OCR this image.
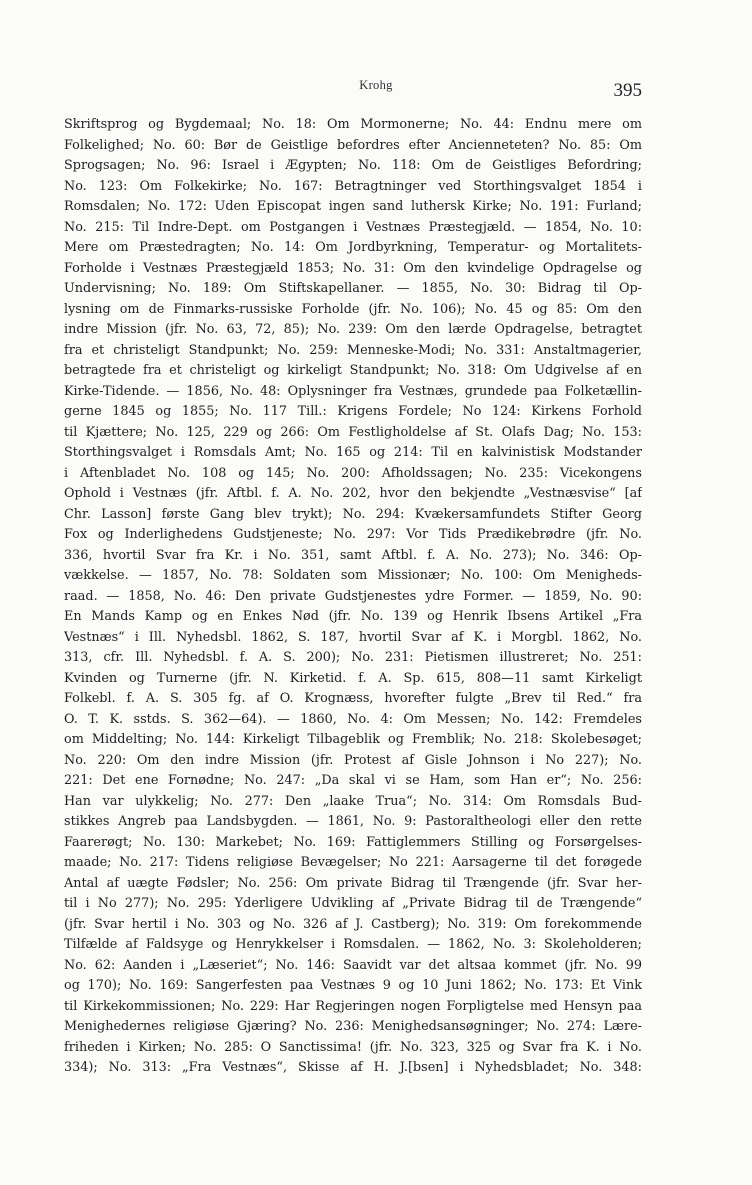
Krohg	395
Skriftsprog og Bygdemaal; No. 18: Om Mormonerne; No. 44: Endnu mere om
Folkelighed; No. 60: Bør de Geistlige befordres efter Ancienneteten? No. 85: Om
Sprogsagen; No. 96: Israel i Ægypten; No. 118: Om de Geistliges Befordring;
No. 123: Om Folkekirke; No. 167: Betragtninger ved Storthingsvalget 1854 i
Romsdalen; No. 172: Uden Episcopat ingen sand luthersk Kirke; No. 191: Furland;
No. 215: Til Indre-Dept. om Postgangen i Vestnæs Præstegjæld. — 1854, No. 10:
Mere om Præstedragten; No. 14: Om Jordbyrkning, Temperatur- og Mortalitets-
Forholde i Vestnæs Præstegjæld 1853; No. 31: Om den kvindelige Opdragelse og
Undervisning; No. 189: Om Stiftskapellaner. — 1855, No. 30: Bidrag til Op-
lysning om de Finmarks-russiske Forholde (jfr. No. 106); No. 45 og 85: Om den
indre Mission (jfr. No. 63, 72, 85); No. 239: Om den lærde Opdragelse, betragtet
fra et christeligt Standpunkt; No. 259: Menneske-Modi; No. 331: Anstaltmagerier,
betragtede fra et christeligt og kirkeligt Standpunkt; No. 318: Om Udgivelse af en
Kirke-Tidende. — 1856, No. 48: Oplysninger fra Vestnæs, grundede paa Folketællin-
gerne 1845 og 1855; No. 117 Till.: Krigens Fordele; No 124: Kirkens Forhold
til Kjættere; No. 125, 229 og 266: Om Festligholdelse af St. Olafs Dag; No. 153:
Storthingsvalget i Romsdals Amt; No. 165 og 214: Til en kalvinistisk Modstander
i Aftenbladet No. 108 og 145; No. 200: Afholdssagen; No. 235: Vicekongens
Ophold i Vestnæs (jfr. Aftbl. f. A. No. 202, hvor den bekjendte „Vestnæsvise“ [af
Chr. Lasson] første Gang blev trykt); No. 294: Kvækersamfundets Stifter Georg
Fox og Inderlighedens Gudstjeneste; No. 297: Vor Tids Prædikebrødre (jfr. No.
336, hvortil Svar fra Kr. i No. 351, samt Aftbl. f. A. No. 273); No. 346: Op-
vækkelse. — 1857, No. 78: Soldaten som Missionær; No. 100: Om Menigheds-
raad. — 1858, No. 46: Den private Gudstjenestes ydre Former. — 1859, No. 90:
En Mands Kamp og en Enkes Nød (jfr. No. 139 og Henrik Ibsens Artikel „Fra
Vestnæs“ i Ill. Nyhedsbl. 1862, S. 187, hvortil Svar af K. i Morgbl. 1862, No.
313, cfr. Ill. Nyhedsbl. f. A. S. 200); No. 231: Pietismen illustreret; No. 251:
Kvinden og Turnerne (jfr. N. Kirketid. f. A. Sp. 615, 808—11 samt Kirkeligt
Folkebl. f. A. S. 305 fg. af O. Krognæss, hvorefter fulgte „Brev til Red.“ fra
O. T. K. sstds. S. 362—64). — 1860, No. 4: Om Messen; No. 142: Fremdeles
om Middelting; No. 144: Kirkeligt Tilbageblik og Fremblik; No. 218: Skolebesøget;
No. 220: Om den indre Mission (jfr. Protest af Gisle Johnson i No 227); No.
221: Det ene Fornødne; No. 247: „Da skal vi se Ham, som Han er“; No. 256:
Han var ulykkelig; No. 277: Den „laake Trua“; No. 314: Om Romsdals Bud-
stikkes Angreb paa Landsbygden. — 1861, No. 9: Pastoraltheologi eller den rette
Faarerøgt; No. 130: Markebet; No. 169: Fattiglemmers Stilling og Forsørgelses-
maade; No. 217: Tidens religiøse Bevægelser; No 221: Aarsagerne til det forøgede
Antal af uægte Fødsler; No. 256: Om private Bidrag til Trængende (jfr. Svar her-
til i No 277); No. 295: Yderligere Udvikling af „Private Bidrag til de Trængende“
(jfr. Svar hertil i No. 303 og No. 326 af J. Castberg); No. 319: Om forekommende
Tilfælde af Faldsyge og Henrykkelser i Romsdalen. — 1862, No. 3: Skoleholderen;
No. 62: Aanden i „Læseriet“; No. 146: Saavidt var det altsaa kommet (jfr. No. 99
og 170); No. 169: Sangerfesten paa Vestnæs 9 og 10 Juni 1862; No. 173: Et Vink
til Kirkekommissionen; No. 229: Har Regjeringen nogen Forpligtelse med Hensyn paa
Menighedernes religiøse Gjæring? No. 236: Menighedsansøgninger; No. 274: Lære-
friheden i Kirken; No. 285: O Sanctissima! (jfr. No. 323, 325 og Svar fra K. i No.
334); No. 313: „Fra Vestnæs“, Skisse af H. J.[bsen] i Nyhedsbladet; No. 348:
